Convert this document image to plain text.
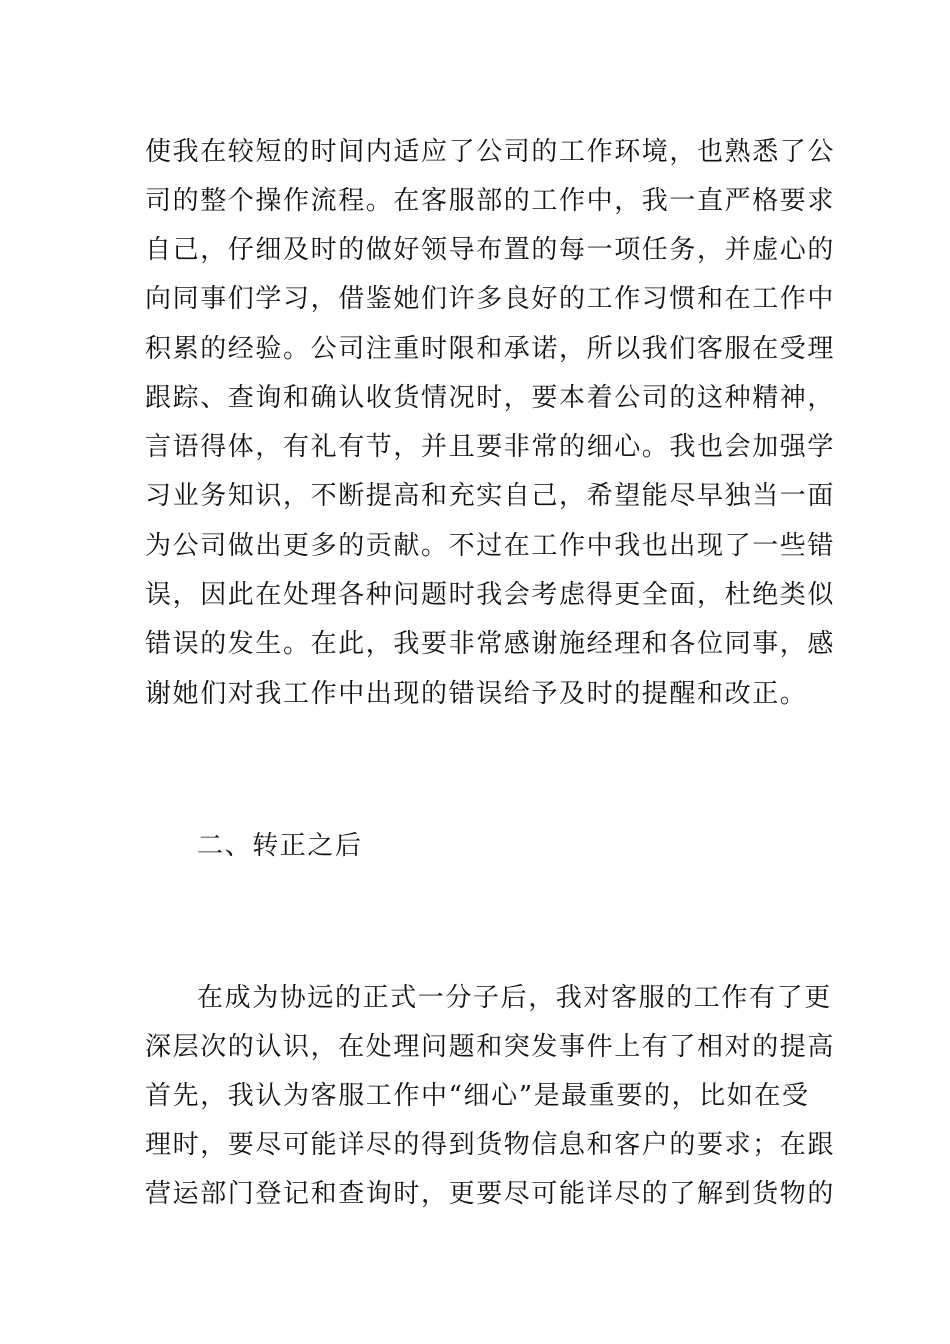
使我在较短的时间内适应了公司的工作环境，也熟悉了公
司的整个操作流程。在客服部的工作中，我一直严格要求
自己，仔细及时的做好领导布置的每一项任务，并虚心的
向同事们学习，借鉴她们许多良好的工作习惯和在工作中
积累的经验。公司注重时限和承诺，所以我们客服在受理
跟踪、查询和确认收货情况时，要本着公司的这种精神，
言语得体，有礼有节，并且要非常的细心。我也会加强学
习业务知识，不断提高和充实自己，希望能尽早独当一面
为公司做出更多的贡献。不过在工作中我也出现了一些错
误，因此在处理各种问题时我会考虑得更全面，杜绝类似
错误的发生。在此，我要非常感谢施经理和各位同事，感
谢她们对我工作中出现的错误给予及时的提醒和改正。
二、转正之后
在成为协远的正式一分子后，我对客服的工作有了更
深层次的认识，在处理问题和突发事件上有了相对的提高
首先，我认为客服工作中“细心”是最重要的，比如在受
理时，要尽可能详尽的得到货物信息和客户的要求；在跟
营运部门登记和查询时，更要尽可能详尽的了解到货物的
